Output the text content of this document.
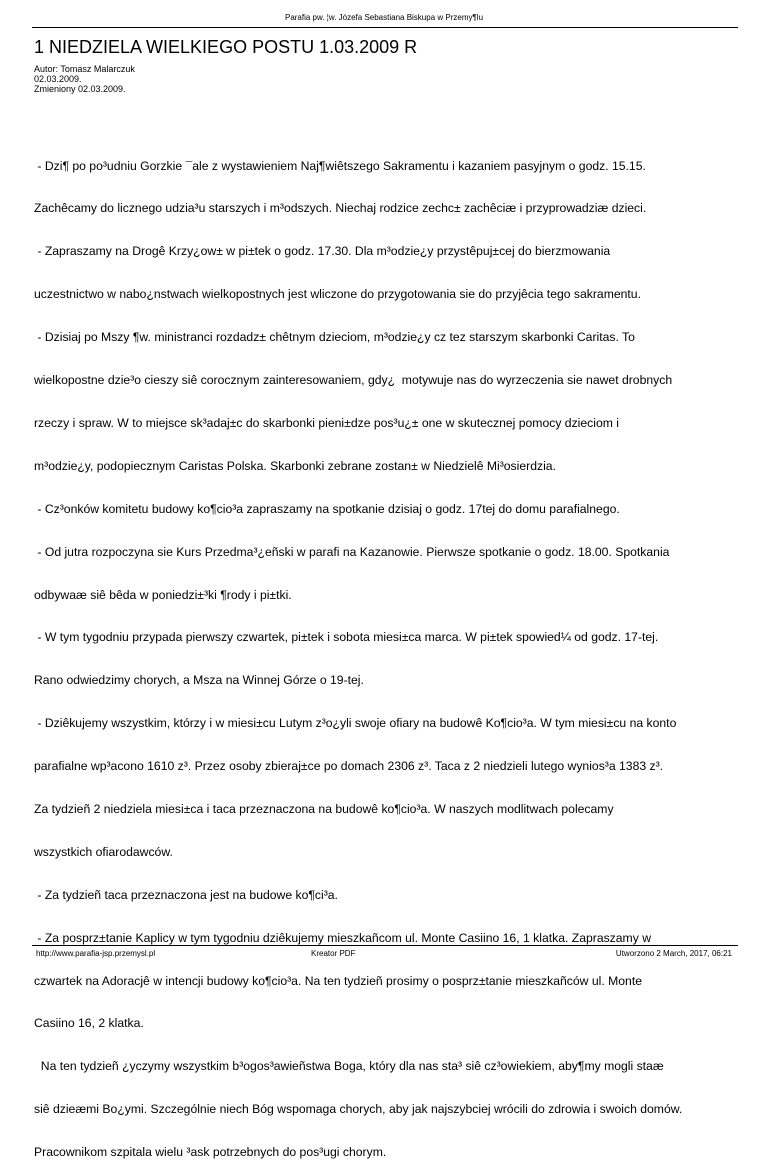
Parafia pw. ¦w. Józefa Sebastiana Biskupa w Przemy¶lu
1 NIEDZIELA WIELKIEGO POSTU 1.03.2009 R
Autor: Tomasz Malarczuk
02.03.2009.
Zmieniony 02.03.2009.

- Dzi¶ po po³udniu Gorzkie ¯ale z wystawieniem Naj¶wiêtszego Sakramentu i kazaniem pasyjnym o godz. 15.15.

Zachêcamy do licznego udzia³u starszych i m³odszych. Niechaj rodzice zechc± zachêciæ i przyprowadziæ dzieci.

- Zapraszamy na Drogê Krzy¿ow± w pi±tek o godz. 17.30. Dla m³odzie¿y przystêpuj±cej do bierzmowania

uczestnictwo w nabo¿nstwach wielkopostnych jest wliczone do przygotowania sie do przyjêcia tego sakramentu.

- Dzisiaj po Mszy ¶w. ministranci rozdadz± chêtnym dzieciom, m³odzie¿y cz tez starszym skarbonki Caritas. To

wielkopostne dzie³o cieszy siê corocznym zainteresowaniem, gdy¿  motywuje nas do wyrzeczenia sie nawet drobnych

rzeczy i spraw. W to miejsce sk³adaj±c do skarbonki pieni±dze pos³u¿± one w skutecznej pomocy dzieciom i

m³odzie¿y, podopiecznym Caristas Polska. Skarbonki zebrane zostan± w Niedzielê Mi³osierdzia.

- Cz³onków komitetu budowy ko¶cio³a zapraszamy na spotkanie dzisiaj o godz. 17tej do domu parafialnego.

- Od jutra rozpoczyna sie Kurs Przedma³¿eñski w parafi na Kazanowie. Pierwsze spotkanie o godz. 18.00. Spotkania

odbywaæ siê bêda w poniedzi±³ki ¶rody i pi±tki.

- W tym tygodniu przypada pierwszy czwartek, pi±tek i sobota miesi±ca marca. W pi±tek spowied¼ od godz. 17-tej.

Rano odwiedzimy chorych, a Msza na Winnej Górze o 19-tej.

- Dziêkujemy wszystkim, którzy i w miesi±cu Lutym z³o¿yli swoje ofiary na budowê Ko¶cio³a. W tym miesi±cu na konto

parafialne wp³acono 1610 z³. Przez osoby zbieraj±ce po domach 2306 z³. Taca z 2 niedzieli lutego wynios³a 1383 z³.

Za tydzieñ 2 niedziela miesi±ca i taca przeznaczona na budowê ko¶cio³a. W naszych modlitwach polecamy

wszystkich ofiarodawców.

- Za tydzieñ taca przeznaczona jest na budowe ko¶ci³a.

- Za posprz±tanie Kaplicy w tym tygodniu dziêkujemy mieszkañcom ul. Monte Casiino 16, 1 klatka. Zapraszamy w

czwartek na Adoracjê w intencji budowy ko¶cio³a. Na ten tydzieñ prosimy o posprz±tanie mieszkañców ul. Monte

Casiino 16, 2 klatka.

Na ten tydzieñ ¿yczymy wszystkim b³ogos³awieñstwa Boga, który dla nas sta³ siê cz³owiekiem, aby¶my mogli staæ

siê dzieæmi Bo¿ymi. Szczególnie niech Bóg wspomaga chorych, aby jak najszybciej wrócili do zdrowia i swoich domów.

Pracownikom szpitala wielu ³ask potrzebnych do pos³ugi chorym.

http://www.parafia-jsp.przemysl.pl	Kreator PDF	Utworzono 2 March, 2017, 06:21
